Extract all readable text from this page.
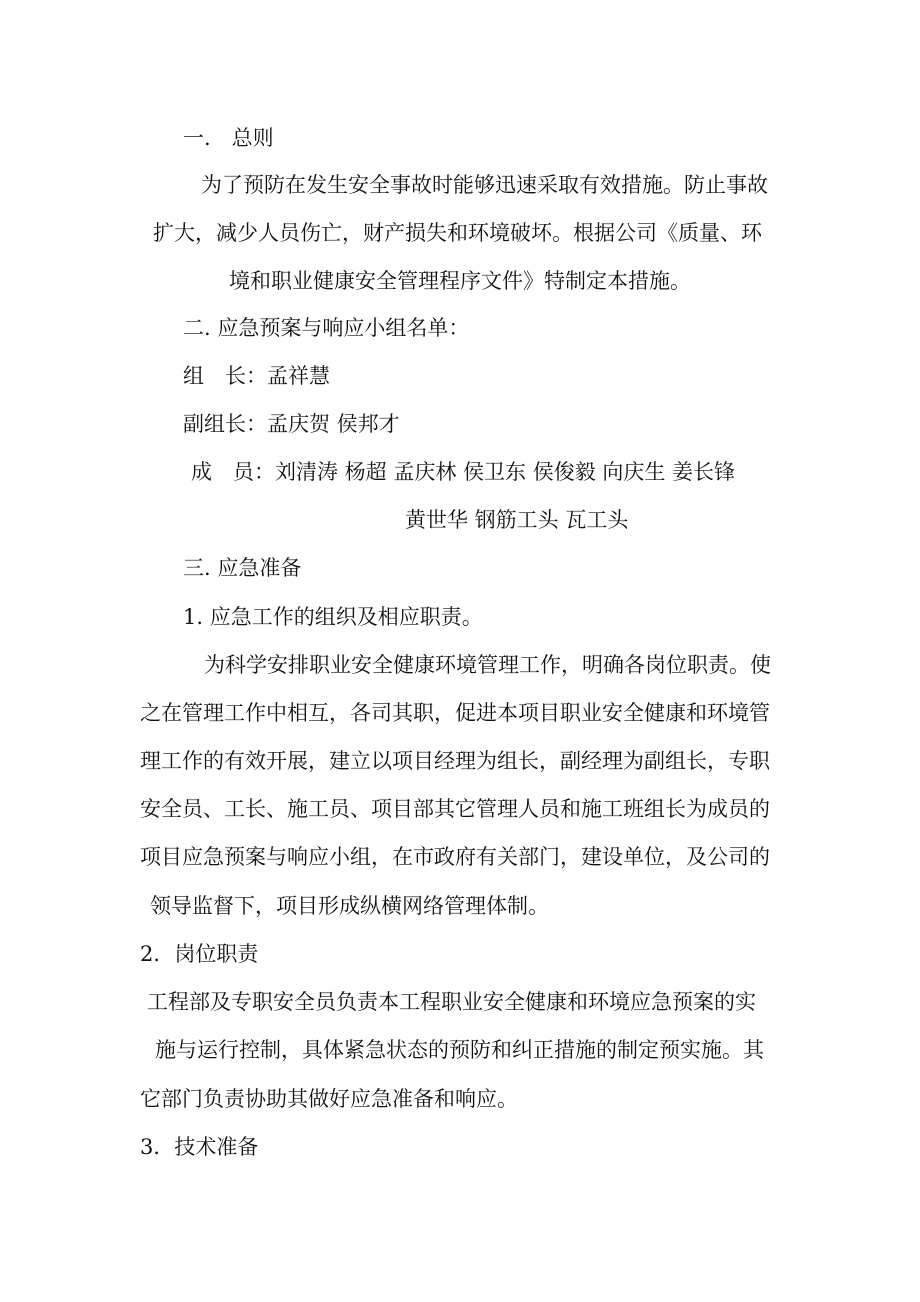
一.　总则
为了预防在发生安全事故时能够迅速采取有效措施。防止事故
扩大，减少人员伤亡，财产损失和环境破坏。根据公司《质量、环
境和职业健康安全管理程序文件》特制定本措施。
二. 应急预案与响应小组名单：
组　长：孟祥慧
副组长：孟庆贺 侯邦才
成　员：刘清涛 杨超 孟庆林 侯卫东 侯俊毅 向庆生 姜长锋
黄世华 钢筋工头 瓦工头
三. 应急准备
1. 应急工作的组织及相应职责。
为科学安排职业安全健康环境管理工作，明确各岗位职责。使
之在管理工作中相互，各司其职，促进本项目职业安全健康和环境管
理工作的有效开展，建立以项目经理为组长，副经理为副组长，专职
安全员、工长、施工员、项目部其它管理人员和施工班组长为成员的
项目应急预案与响应小组，在市政府有关部门，建设单位，及公司的
领导监督下，项目形成纵横网络管理体制。
2．岗位职责
工程部及专职安全员负责本工程职业安全健康和环境应急预案的实
施与运行控制，具体紧急状态的预防和纠正措施的制定预实施。其
它部门负责协助其做好应急准备和响应。
3．技术准备
